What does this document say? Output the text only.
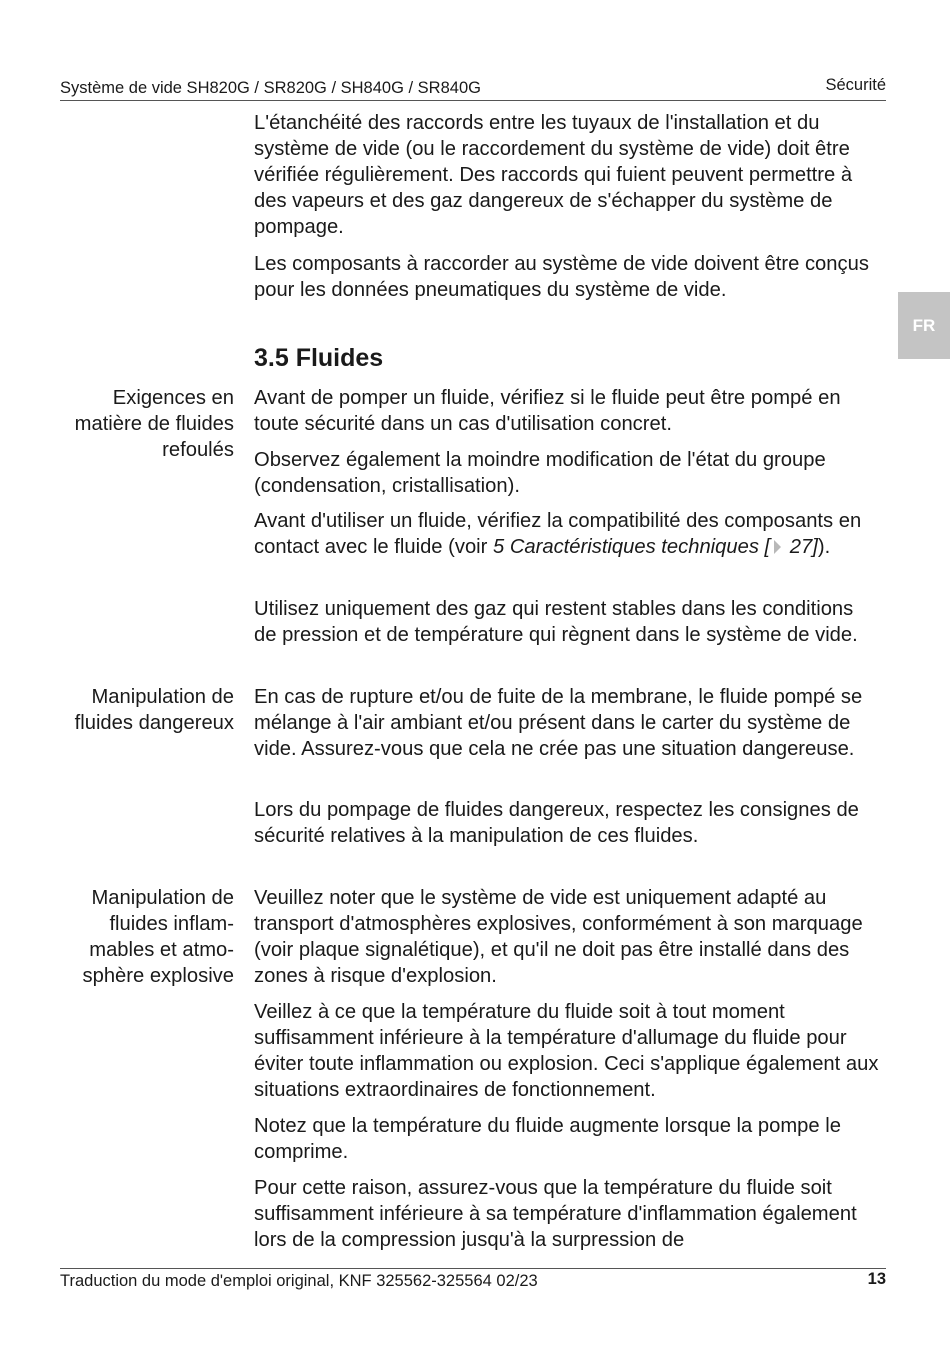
Système de vide SH820G / SR820G / SH840G / SR840G	Sécurité
FR

L'étanchéité des raccords entre les tuyaux de l'installation et du système de vide (ou le raccordement du système de vide) doit être vérifiée régulièrement. Des raccords qui fuient peuvent permettre à des vapeurs et des gaz dangereux de s'échapper du système de pompage.

Les composants à raccorder au système de vide doivent être conçus pour les données pneumatiques du système de vide.

3.5 Fluides

Exigences en matière de fluides refoulés

Manipulation de fluides dangereux

Manipulation de fluides inflammables et atmosphère explosive

Avant de pomper un fluide, vérifiez si le fluide peut être pompé en toute sécurité dans un cas d'utilisation concret.

Observez également la moindre modification de l'état du groupe (condensation, cristallisation).

Avant d'utiliser un fluide, vérifiez la compatibilité des composants en contact avec le fluide (voir 5 Caractéristiques techniques [ 27]).

Utilisez uniquement des gaz qui restent stables dans les conditions de pression et de température qui règnent dans le système de vide.

En cas de rupture et/ou de fuite de la membrane, le fluide pompé se mélange à l'air ambiant et/ou présent dans le carter du système de vide. Assurez-vous que cela ne crée pas une situation dangereuse.

Lors du pompage de fluides dangereux, respectez les consignes de sécurité relatives à la manipulation de ces fluides.

Veuillez noter que le système de vide est uniquement adapté au transport d'atmosphères explosives, conformément à son marquage (voir plaque signalétique), et qu'il ne doit pas être installé dans des zones à risque d'explosion.

Veillez à ce que la température du fluide soit à tout moment suffisamment inférieure à la température d'allumage du fluide pour éviter toute inflammation ou explosion. Ceci s'applique également aux situations extraordinaires de fonctionnement.

Notez que la température du fluide augmente lorsque la pompe le comprime.

Pour cette raison, assurez-vous que la température du fluide soit suffisamment inférieure à sa température d'inflammation également lors de la compression jusqu'à la surpression de

Traduction du mode d'emploi original, KNF 325562-325564 02/23	13
